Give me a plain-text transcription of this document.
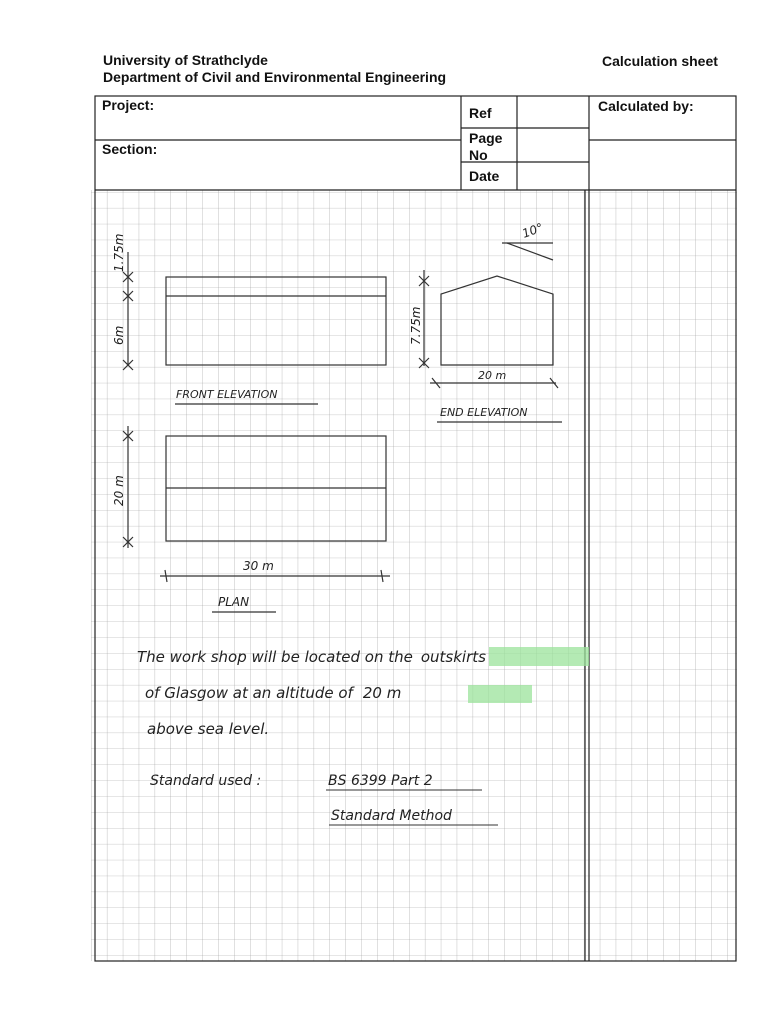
University of Strathclyde
Department of Civil and Environmental Engineering
Calculation sheet
1.75m
6m
FRONT ELEVATION
7.75m
20 m
10°
END ELEVATION
20 m
30 m
PLAN
The work shop will be located on the outskirts
of Glasgow at an altitude of 20 m
above sea level.
Standard used :	BS 6399 Part 2
Standard Method
Project:
Section:
Ref
Page
No
Date
Calculated by:
